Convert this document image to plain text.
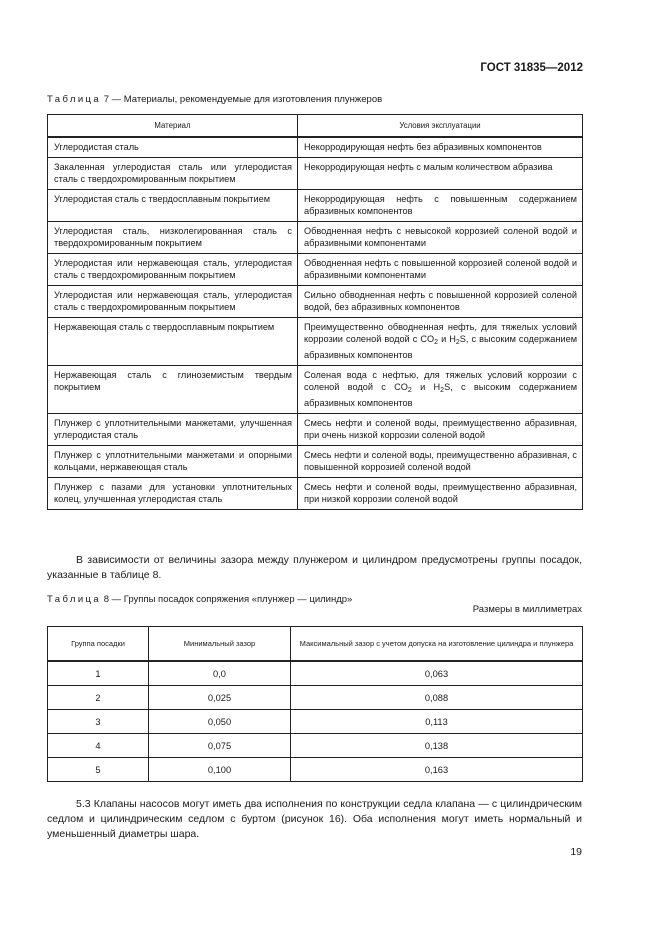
ГОСТ 31835—2012
Таблица 7 — Материалы, рекомендуемые для изготовления плунжеров
Материал	Условия эксплуатации
Углеродистая сталь	Некорродирующая нефть без абразивных компонентов
Закаленная углеродистая сталь или углеродистая сталь с твердохромированным покрытием	Некорродирующая нефть с малым количеством абразива
Углеродистая сталь с твердосплавным покрытием	Некорродирующая нефть с повышенным содержанием абразивных компонентов
Углеродистая сталь, низколегированная сталь с твердохромированным покрытием	Обводненная нефть с невысокой коррозией соленой водой и абразивными компонентами
Углеродистая или нержавеющая сталь, углеродистая сталь с твердохромированным покрытием	Обводненная нефть с повышенной коррозией соленой водой и абразивными компонентами
Углеродистая или нержавеющая сталь, углеродистая сталь с твердохромированным покрытием	Сильно обводненная нефть с повышенной коррозией соленой водой, без абразивных компонентов
Нержавеющая сталь с твердосплавным покрытием	Преимущественно обводненная нефть, для тяжелых условий коррозии соленой водой с $CO_2$ и $H_2S$, с высоким содержанием абразивных компонентов
Нержавеющая сталь с глиноземистым твердым покрытием	Соленая вода с нефтью, для тяжелых условий коррозии с соленой водой с $CO_2$ и $H_2S$, с высоким содержанием абразивных компонентов
Плунжер с уплотнительными манжетами, улучшенная углеродистая сталь	Смесь нефти и соленой воды, преимущественно абразивная, при очень низкой коррозии соленой водой
Плунжер с уплотнительными манжетами и опорными кольцами, нержавеющая сталь	Смесь нефти и соленой воды, преимущественно абразивная, с повышенной коррозией соленой водой
Плунжер с пазами для установки уплотнительных колец, улучшенная углеродистая сталь	Смесь нефти и соленой воды, преимущественно абразивная, при низкой коррозии соленой водой
В зависимости от величины зазора между плунжером и цилиндром предусмотрены группы посадок, указанные в таблице 8.
Таблица 8 — Группы посадок сопряжения «плунжер — цилиндр»
Размеры в миллиметрах
Группа посадки	Минимальный зазор	Максимальный зазор с учетом допуска на изготовление цилиндра и плунжера
1	0,0	0,063
2	0,025	0,088
3	0,050	0,113
4	0,075	0,138
5	0,100	0,163
5.3 Клапаны насосов могут иметь два исполнения по конструкции седла клапана — с цилиндрическим седлом и цилиндрическим седлом с буртом (рисунок 16). Оба исполнения могут иметь нормальный и уменьшенный диаметры шара.
19
